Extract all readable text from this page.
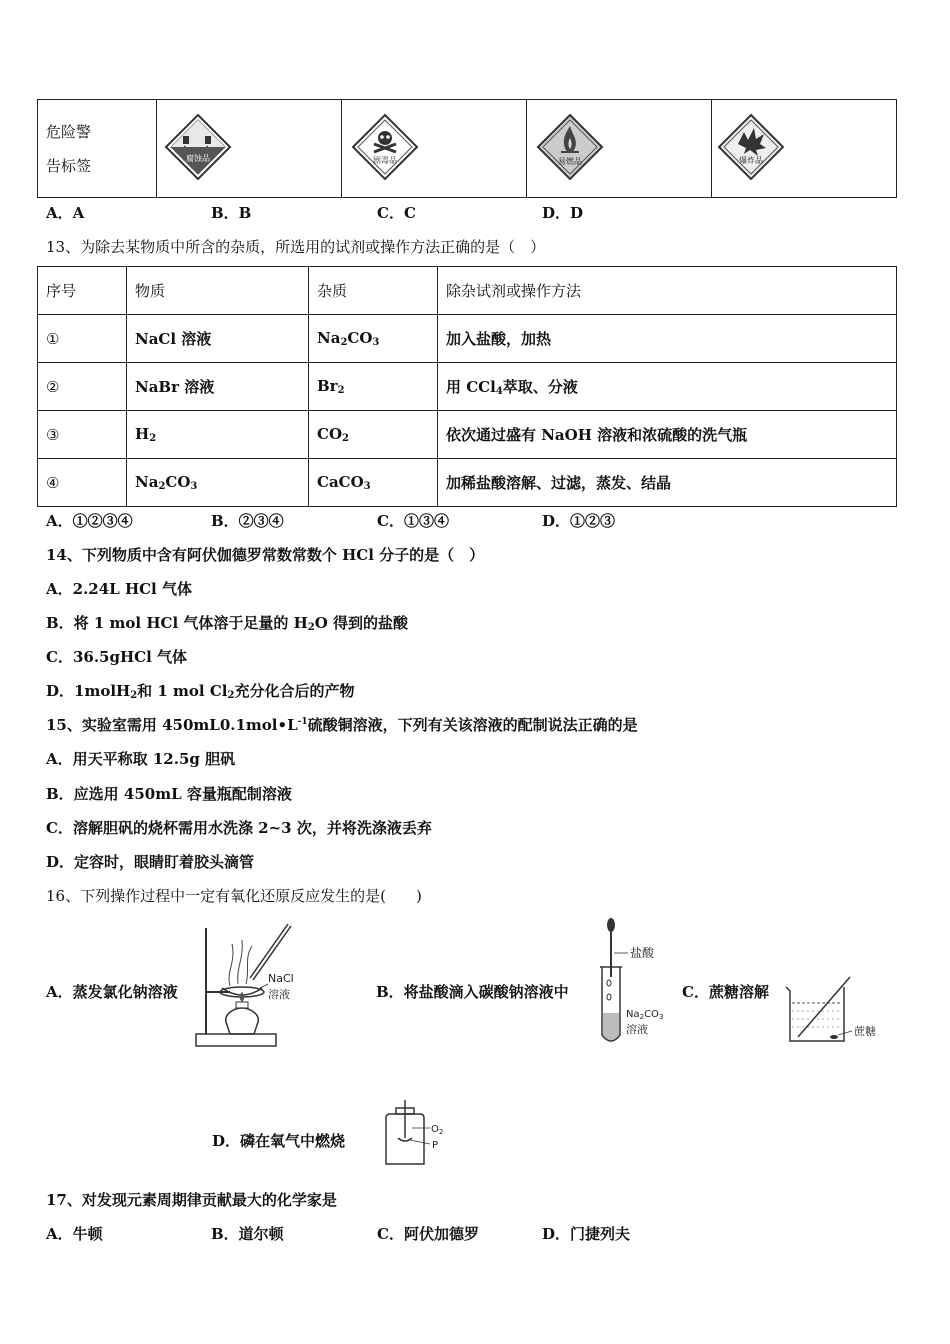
危险警
告标签	腐蚀品	剧毒品	易燃品	爆炸品
A．A	B．B	C．C	D．D
13、为除去某物质中所含的杂质，所选用的试剂或操作方法正确的是（　）
序号	物质	杂质	除杂试剂或操作方法
①	NaCl 溶液	$Na_2CO_3$	加入盐酸，加热
②	NaBr 溶液	$Br_2$	用 CCl$_4$萃取、分液
③	$H_2$	$CO_2$	依次通过盛有 NaOH 溶液和浓硫酸的洗气瓶
④	$Na_2CO_3$	CaCO$_3$	加稀盐酸溶解、过滤，蒸发、结晶
A．①②③④	B．②③④	C．①③④	D．①②③
14、下列物质中含有阿伏伽德罗常数常数个 HCl 分子的是（　）
A．2.24L HCl 气体
B．将 1 mol HCl 气体溶于足量的 $H_2O$ 得到的盐酸
C．36.5gHCl 气体
D．1molH$_2$和 1 mol $Cl_2$充分化合后的产物
15、实验室需用 $450mL0.1mol•L^{-1}$硫酸铜溶液，下列有关该溶液的配制说法正确的是
A．用天平称取 12.5g 胆矾
B．应选用 450mL 容量瓶配制溶液
C．溶解胆矾的烧杯需用水洗涤 2~3 次，并将洗涤液丢弃
D．定容时，眼睛盯着胶头滴管
16、下列操作过程中一定有氧化还原反应发生的是(　　)
A．蒸发氯化钠溶液
NaCl
溶液	B．将盐酸滴入碳酸钠溶液中
盐酸
$Na_2CO_3$
溶液
C．蔗糖溶解
蔗糖
D．磷在氧气中燃烧
$O_2$
P
17、对发现元素周期律贡献最大的化学家是
A．牛顿	B．道尔顿	C．阿伏加德罗	D．门捷列夫
